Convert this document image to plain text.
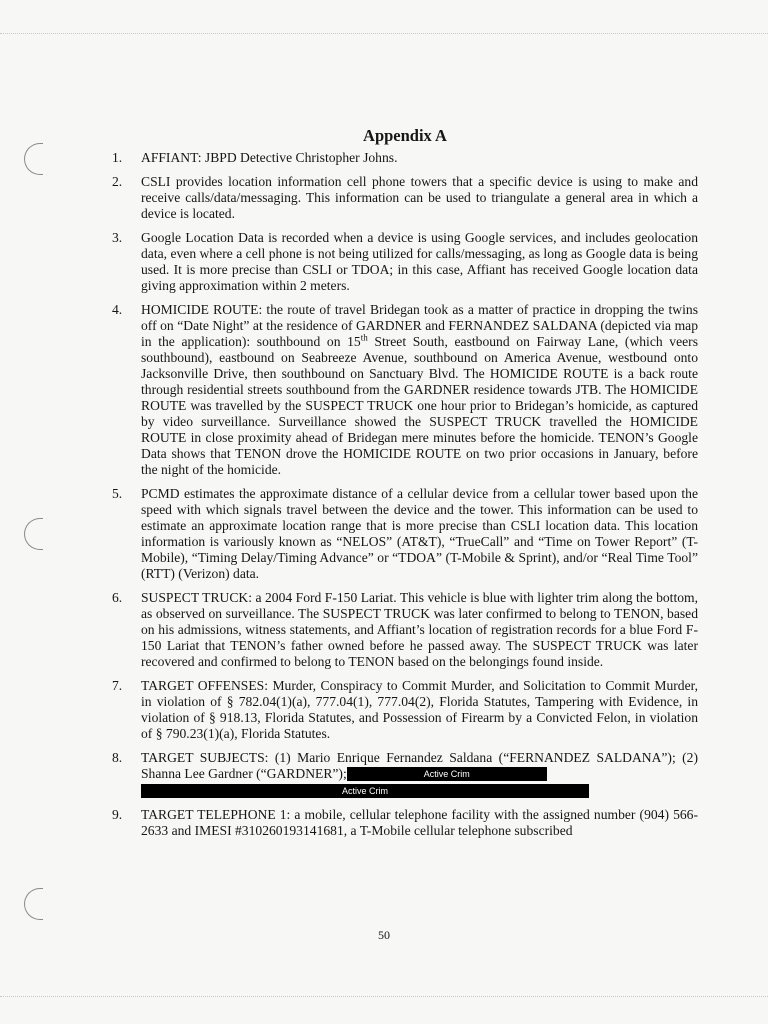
Appendix A
1. AFFIANT: JBPD Detective Christopher Johns.
2. CSLI provides location information cell phone towers that a specific device is using to make and receive calls/data/messaging. This information can be used to triangulate a general area in which a device is located.
3. Google Location Data is recorded when a device is using Google services, and includes geolocation data, even where a cell phone is not being utilized for calls/messaging, as long as Google data is being used. It is more precise than CSLI or TDOA; in this case, Affiant has received Google location data giving approximation within 2 meters.
4. HOMICIDE ROUTE: the route of travel Bridegan took as a matter of practice in dropping the twins off on “Date Night” at the residence of GARDNER and FERNANDEZ SALDANA (depicted via map in the application): southbound on 15th Street South, eastbound on Fairway Lane, (which veers southbound), eastbound on Seabreeze Avenue, southbound on America Avenue, westbound onto Jacksonville Drive, then southbound on Sanctuary Blvd. The HOMICIDE ROUTE is a back route through residential streets southbound from the GARDNER residence towards JTB. The HOMICIDE ROUTE was travelled by the SUSPECT TRUCK one hour prior to Bridegan’s homicide, as captured by video surveillance. Surveillance showed the SUSPECT TRUCK travelled the HOMICIDE ROUTE in close proximity ahead of Bridegan mere minutes before the homicide. TENON’s Google Data shows that TENON drove the HOMICIDE ROUTE on two prior occasions in January, before the night of the homicide.
5. PCMD estimates the approximate distance of a cellular device from a cellular tower based upon the speed with which signals travel between the device and the tower. This information can be used to estimate an approximate location range that is more precise than CSLI location data. This location information is variously known as “NELOS” (AT&T), “TrueCall” and “Time on Tower Report” (T-Mobile), “Timing Delay/Timing Advance” or “TDOA” (T-Mobile & Sprint), and/or “Real Time Tool” (RTT) (Verizon) data.
6. SUSPECT TRUCK: a 2004 Ford F-150 Lariat. This vehicle is blue with lighter trim along the bottom, as observed on surveillance. The SUSPECT TRUCK was later confirmed to belong to TENON, based on his admissions, witness statements, and Affiant’s location of registration records for a blue Ford F-150 Lariat that TENON’s father owned before he passed away. The SUSPECT TRUCK was later recovered and confirmed to belong to TENON based on the belongings found inside.
7. TARGET OFFENSES: Murder, Conspiracy to Commit Murder, and Solicitation to Commit Murder, in violation of § 782.04(1)(a), 777.04(1), 777.04(2), Florida Statutes, Tampering with Evidence, in violation of § 918.13, Florida Statutes, and Possession of Firearm by a Convicted Felon, in violation of § 790.23(1)(a), Florida Statutes.
8. TARGET SUBJECTS: (1) Mario Enrique Fernandez Saldana (“FERNANDEZ SALDANA”); (2) Shanna Lee Gardner (“GARDNER”);	Active Crim
Active Crim
9. TARGET TELEPHONE 1: a mobile, cellular telephone facility with the assigned number (904) 566-2633 and IMESI #310260193141681, a T-Mobile cellular telephone subscribed
50
